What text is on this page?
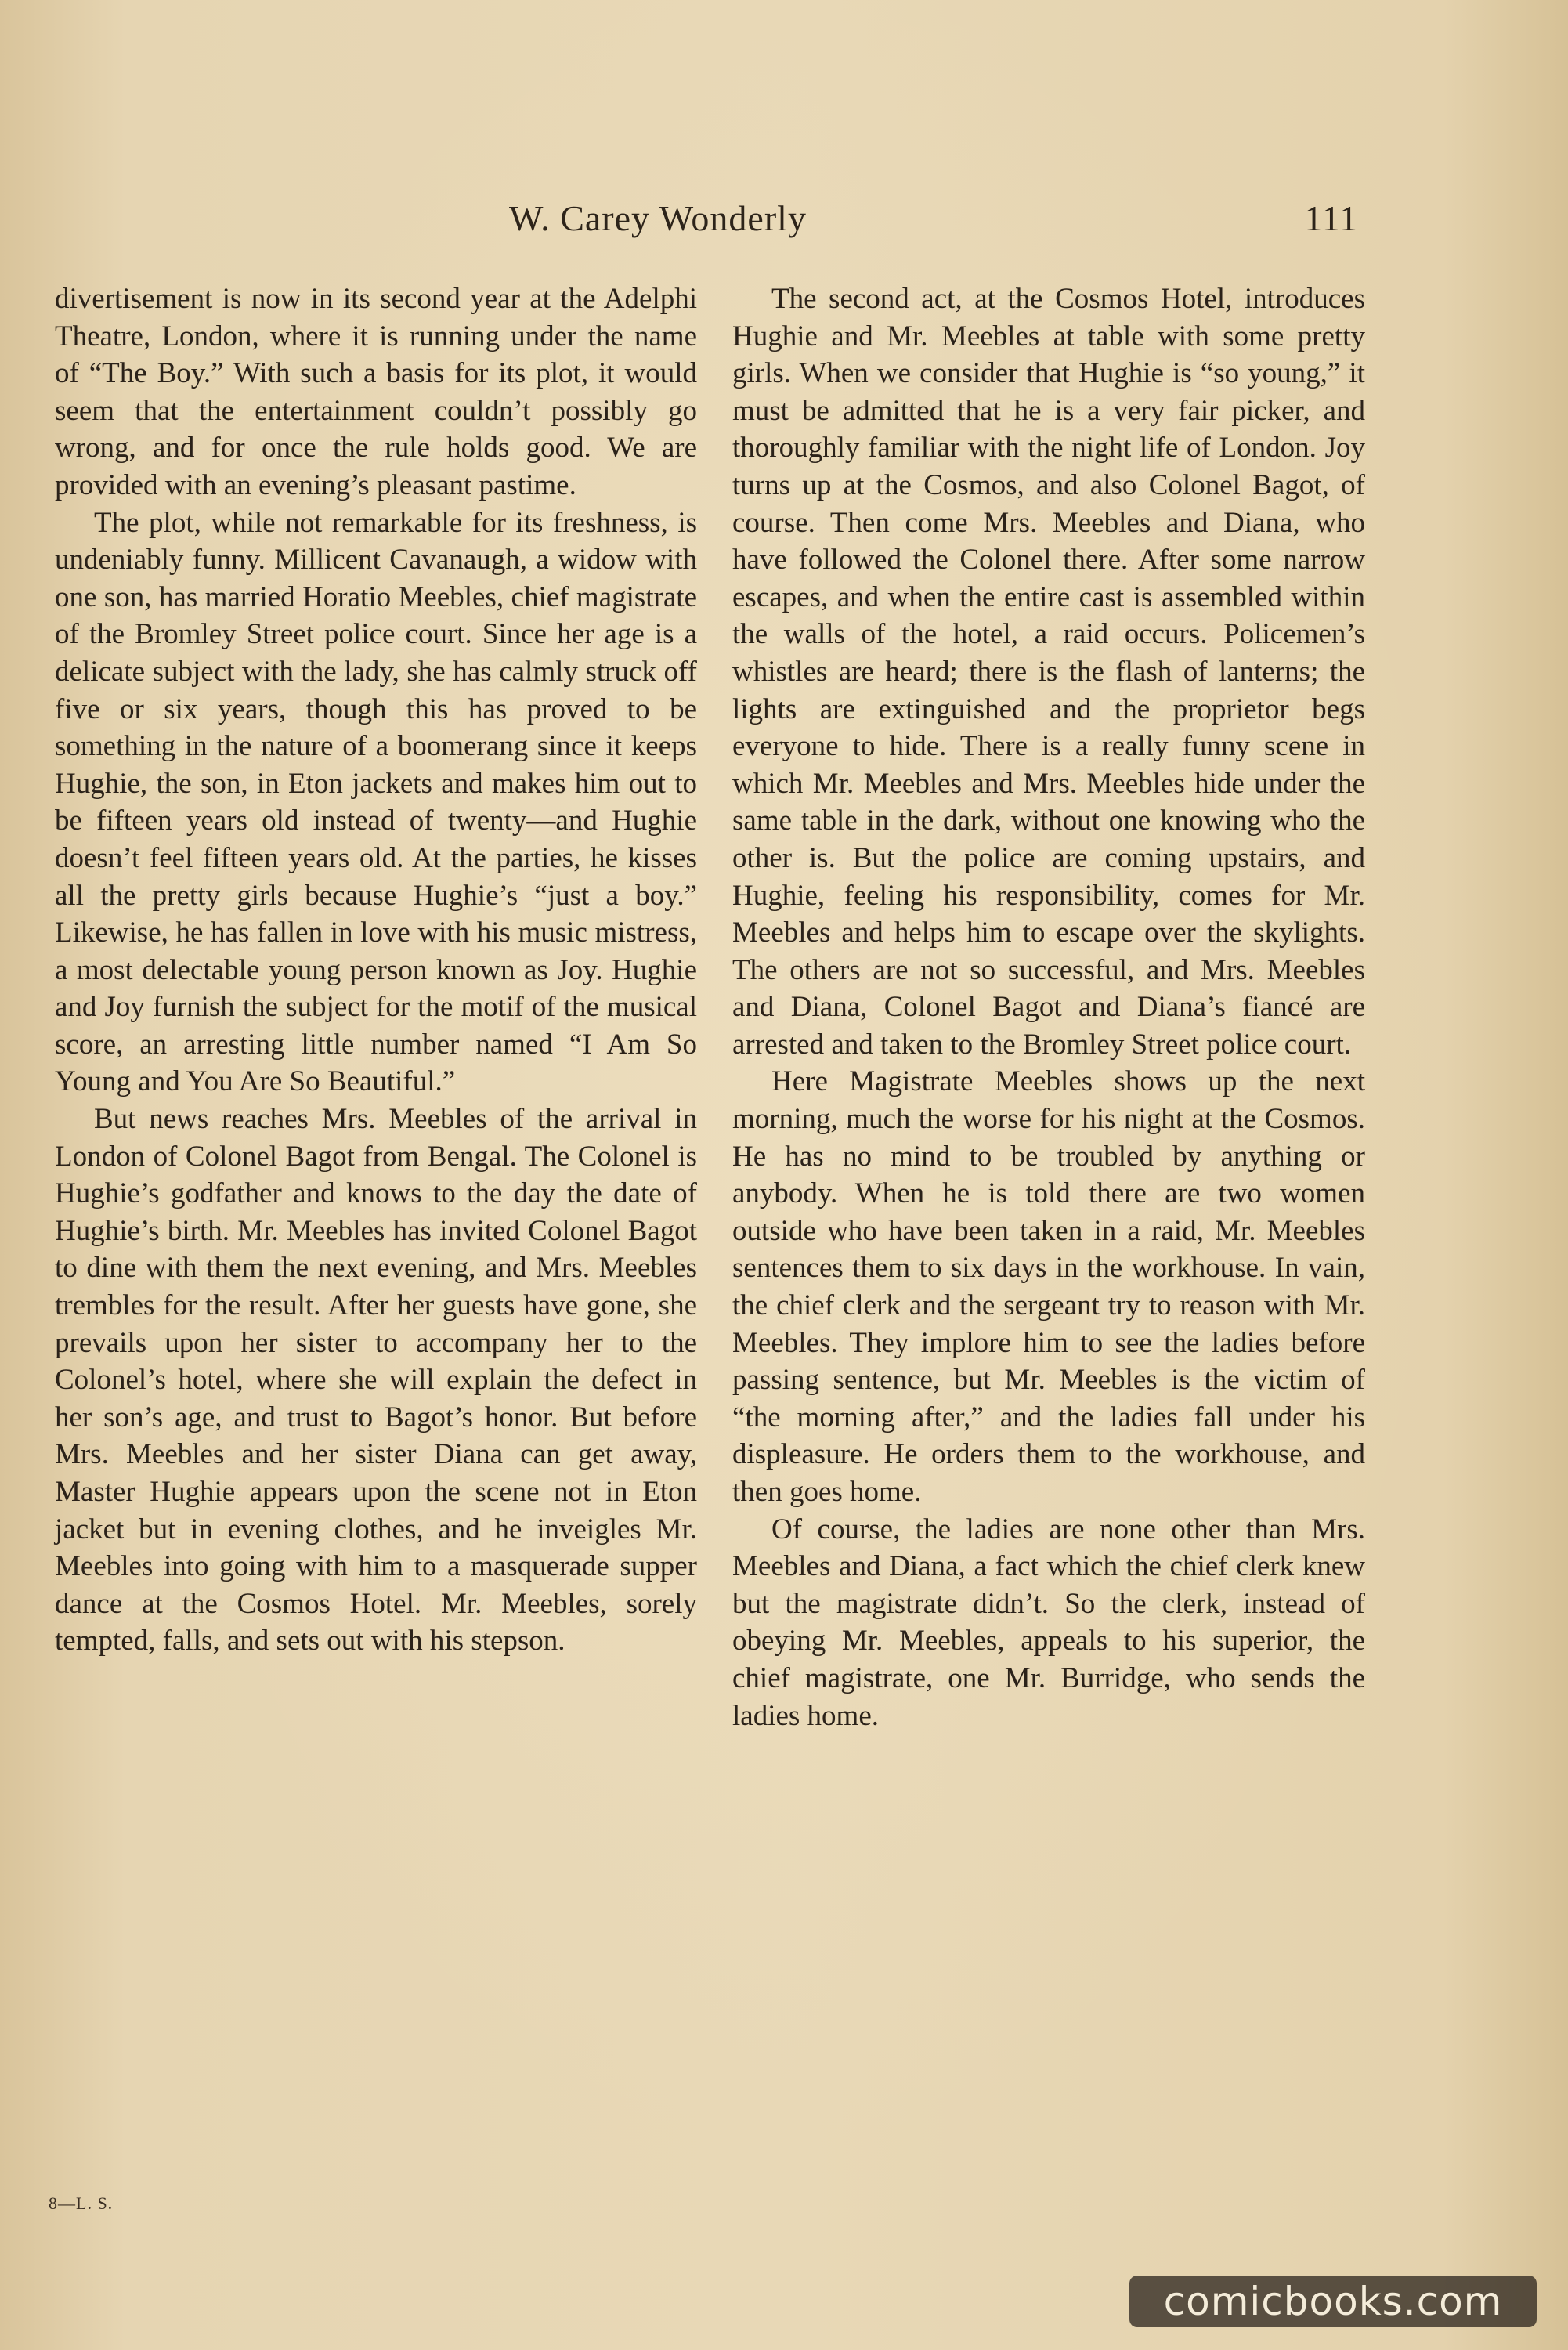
W. Carey Wonderly	111

divertisement is now in its second year at the Adelphi Theatre, London, where it is running under the name of “The Boy.” With such a basis for its plot, it would seem that the entertainment couldn’t possibly go wrong, and for once the rule holds good. We are provided with an evening’s pleasant pastime.

The plot, while not remarkable for its freshness, is undeniably funny. Millicent Cavanaugh, a widow with one son, has married Horatio Meebles, chief magistrate of the Bromley Street police court. Since her age is a delicate subject with the lady, she has calmly struck off five or six years, though this has proved to be something in the nature of a boomerang since it keeps Hughie, the son, in Eton jackets and makes him out to be fifteen years old instead of twenty—and Hughie doesn’t feel fifteen years old. At the parties, he kisses all the pretty girls because Hughie’s “just a boy.” Likewise, he has fallen in love with his music mistress, a most delectable young person known as Joy. Hughie and Joy furnish the subject for the motif of the musical score, an arresting little number named “I Am So Young and You Are So Beautiful.”

But news reaches Mrs. Meebles of the arrival in London of Colonel Bagot from Bengal. The Colonel is Hughie’s godfather and knows to the day the date of Hughie’s birth. Mr. Meebles has invited Colonel Bagot to dine with them the next evening, and Mrs. Meebles trembles for the result. After her guests have gone, she prevails upon her sister to accompany her to the Colonel’s hotel, where she will explain the defect in her son’s age, and trust to Bagot’s honor. But before Mrs. Meebles and her sister Diana can get away, Master Hughie appears upon the scene not in Eton jacket but in evening clothes, and he inveigles Mr. Meebles into going with him to a masquerade supper dance at the Cosmos Hotel. Mr. Meebles, sorely tempted, falls, and sets out with his stepson.

The second act, at the Cosmos Hotel, introduces Hughie and Mr. Meebles at table with some pretty girls. When we consider that Hughie is “so young,” it must be admitted that he is a very fair picker, and thoroughly familiar with the night life of London. Joy turns up at the Cosmos, and also Colonel Bagot, of course. Then come Mrs. Meebles and Diana, who have followed the Colonel there. After some narrow escapes, and when the entire cast is assembled within the walls of the hotel, a raid occurs. Policemen’s whistles are heard; there is the flash of lanterns; the lights are extinguished and the proprietor begs everyone to hide. There is a really funny scene in which Mr. Meebles and Mrs. Meebles hide under the same table in the dark, without one knowing who the other is. But the police are coming upstairs, and Hughie, feeling his responsibility, comes for Mr. Meebles and helps him to escape over the skylights. The others are not so successful, and Mrs. Meebles and Diana, Colonel Bagot and Diana’s fiancé are arrested and taken to the Bromley Street police court.

Here Magistrate Meebles shows up the next morning, much the worse for his night at the Cosmos. He has no mind to be troubled by anything or anybody. When he is told there are two women outside who have been taken in a raid, Mr. Meebles sentences them to six days in the workhouse. In vain, the chief clerk and the sergeant try to reason with Mr. Meebles. They implore him to see the ladies before passing sentence, but Mr. Meebles is the victim of “the morning after,” and the ladies fall under his displeasure. He orders them to the workhouse, and then goes home.

Of course, the ladies are none other than Mrs. Meebles and Diana, a fact which the chief clerk knew but the magistrate didn’t. So the clerk, instead of obeying Mr. Meebles, appeals to his superior, the chief magistrate, one Mr. Burridge, who sends the ladies home.

8—L. S.
comicbooks.com
